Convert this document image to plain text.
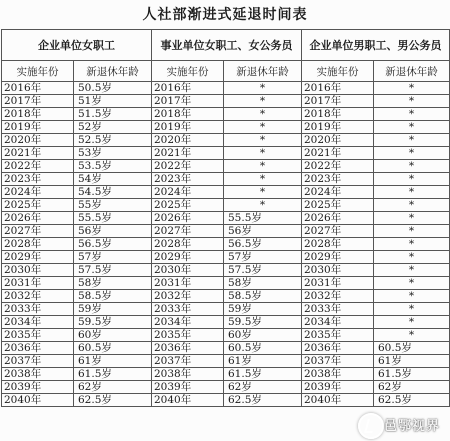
人社部渐进式延退时间表
企业单位女职工		事业单位女职工、女公务员		企业单位男职工、男公务员	
实施年份	新退休年龄	实施年份	新退休年龄	实施年份	新退休年龄
2016年	50.5岁	2016年	*	2016年	*
2017年	51岁	2017年	*	2017年	*
2018年	51.5岁	2018年	*	2018年	*
2019年	52岁	2019年	*	2019年	*
2020年	52.5岁	2020年	*	2020年	*
2021年	53岁	2021年	*	2021年	*
2022年	53.5岁	2022年	*	2022年	*
2023年	54岁	2023年	*	2023年	*
2024年	54.5岁	2024年	*	2024年	*
2025年	55岁	2025年	*	2025年	*
2026年	55.5岁	2026年	55.5岁	2026年	*
2027年	56岁	2027年	56岁	2027年	*
2028年	56.5岁	2028年	56.5岁	2028年	*
2029年	57岁	2029年	57岁	2029年	*
2030年	57.5岁	2030年	57.5岁	2030年	*
2031年	58岁	2031年	58岁	2031年	*
2032年	58.5岁	2032年	58.5岁	2032年	*
2033年	59岁	2033年	59岁	2033年	*
2034年	59.5岁	2034年	59.5岁	2034年	*
2035年	60岁	2035年	60岁	2035年	*
2036年	60.5岁	2036年	60.5岁	2036年	60.5岁
2037年	61岁	2037年	61岁	2037年	61岁
2038年	61.5岁	2038年	61.5岁	2038年	61.5岁
2039年	62岁	2039年	62岁	2039年	62岁
2040年	62.5岁	2040年	62.5岁	2040年	62.5岁
邑鄂视界
